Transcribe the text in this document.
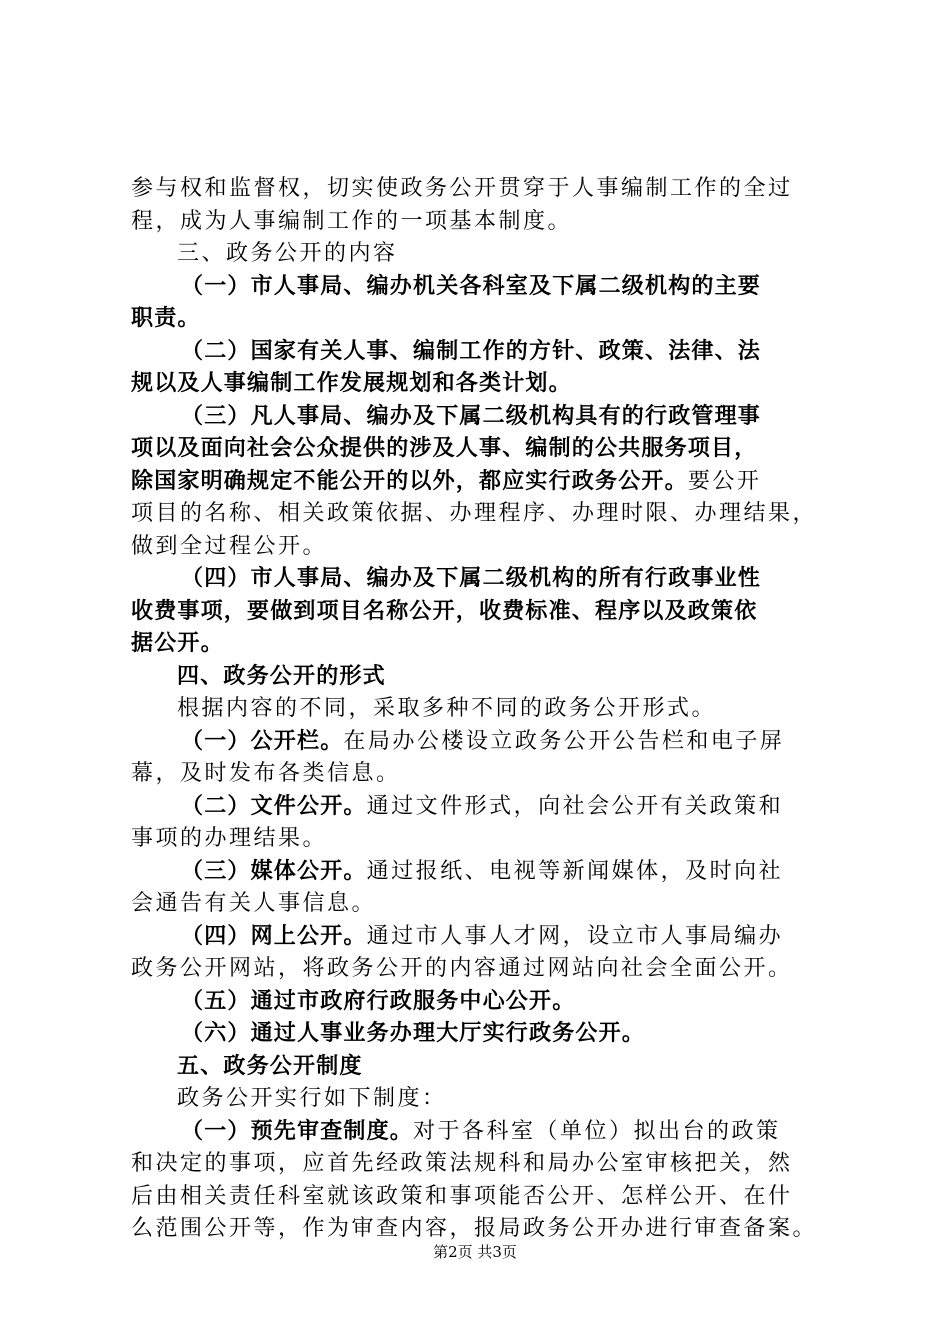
参与权和监督权，切实使政务公开贯穿于人事编制工作的全过
程，成为人事编制工作的一项基本制度。
三、政务公开的内容
（一）市人事局、编办机关各科室及下属二级机构的主要
职责。
（二）国家有关人事、编制工作的方针、政策、法律、法
规以及人事编制工作发展规划和各类计划。
（三）凡人事局、编办及下属二级机构具有的行政管理事
项以及面向社会公众提供的涉及人事、编制的公共服务项目，
除国家明确规定不能公开的以外，都应实行政务公开。要公开
项目的名称、相关政策依据、办理程序、办理时限、办理结果，
做到全过程公开。
（四）市人事局、编办及下属二级机构的所有行政事业性
收费事项，要做到项目名称公开，收费标准、程序以及政策依
据公开。
四、政务公开的形式
根据内容的不同，采取多种不同的政务公开形式。
（一）公开栏。在局办公楼设立政务公开公告栏和电子屏
幕，及时发布各类信息。
（二）文件公开。通过文件形式，向社会公开有关政策和
事项的办理结果。
（三）媒体公开。通过报纸、电视等新闻媒体，及时向社
会通告有关人事信息。
（四）网上公开。通过市人事人才网，设立市人事局编办
政务公开网站，将政务公开的内容通过网站向社会全面公开。
（五）通过市政府行政服务中心公开。
（六）通过人事业务办理大厅实行政务公开。
五、政务公开制度
政务公开实行如下制度：
（一）预先审查制度。对于各科室（单位）拟出台的政策
和决定的事项，应首先经政策法规科和局办公室审核把关，然
后由相关责任科室就该政策和事项能否公开、怎样公开、在什
么范围公开等，作为审查内容，报局政务公开办进行审查备案。
第2页 共3页
